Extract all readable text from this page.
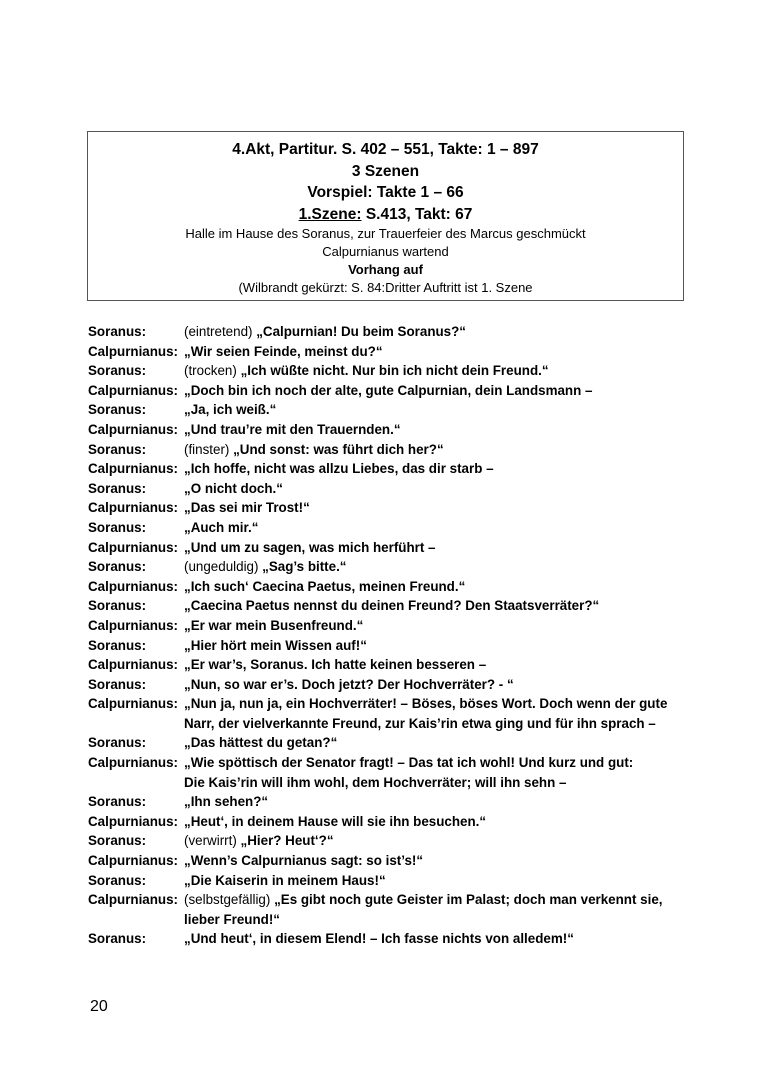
4.Akt, Partitur. S. 402 – 551, Takte: 1 – 897
3 Szenen
Vorspiel: Takte 1 – 66
1.Szene: S.413, Takt: 67
Halle im Hause des Soranus, zur Trauerfeier des Marcus geschmückt
Calpurnianus wartend
Vorhang auf
(Wilbrandt gekürzt: S. 84:Dritter Auftritt ist 1. Szene
Soranus:	(eintretend) „Calpurnian! Du beim Soranus?“
Calpurnianus: „Wir seien Feinde, meinst du?“
Soranus:	(trocken) „Ich wüßte nicht. Nur bin ich nicht dein Freund.“
Calpurnianus: „Doch bin ich noch der alte, gute Calpurnian, dein Landsmann –
Soranus:	„Ja, ich weiß.“
Calpurnianus: „Und trau’re mit den Trauernden.“
Soranus:	(finster) „Und sonst: was führt dich her?“
Calpurnianus: „Ich hoffe, nicht was allzu Liebes, das dir starb –
Soranus:	„O nicht doch.“
Calpurnianus: „Das sei mir Trost!“
Soranus:	„Auch mir.“
Calpurnianus: „Und um zu sagen, was mich herführt –
Soranus:	(ungeduldig) „Sag’s bitte.“
Calpurnianus: „Ich such‘ Caecina Paetus, meinen Freund.“
Soranus:	„Caecina Paetus nennst du deinen Freund? Den Staatsverräter?“
Calpurnianus: „Er war mein Busenfreund.“
Soranus:	„Hier hört mein Wissen auf!“
Calpurnianus: „Er war’s, Soranus. Ich hatte keinen besseren –
Soranus:	„Nun, so war er’s. Doch jetzt? Der Hochverräter? - “
Calpurnianus: „Nun ja, nun ja, ein Hochverräter! – Böses, böses Wort. Doch wenn der gute
Narr, der vielverkannte Freund, zur Kais’rin etwa ging und für ihn sprach –
Soranus:	„Das hättest du getan?“
Calpurnianus: „Wie spöttisch der Senator fragt! – Das tat ich wohl! Und kurz und gut:
Die Kais’rin will ihm wohl, dem Hochverräter; will ihn sehn –
Soranus:	„Ihn sehen?“
Calpurnianus: „Heut‘, in deinem Hause will sie ihn besuchen.“
Soranus:	(verwirrt) „Hier? Heut‘?“
Calpurnianus: „Wenn’s Calpurnianus sagt: so ist’s!“
Soranus:	„Die Kaiserin in meinem Haus!“
Calpurnianus: (selbstgefällig) „Es gibt noch gute Geister im Palast; doch man verkennt sie,
lieber Freund!“
Soranus:	„Und heut‘, in diesem Elend! – Ich fasse nichts von alledem!“
20
